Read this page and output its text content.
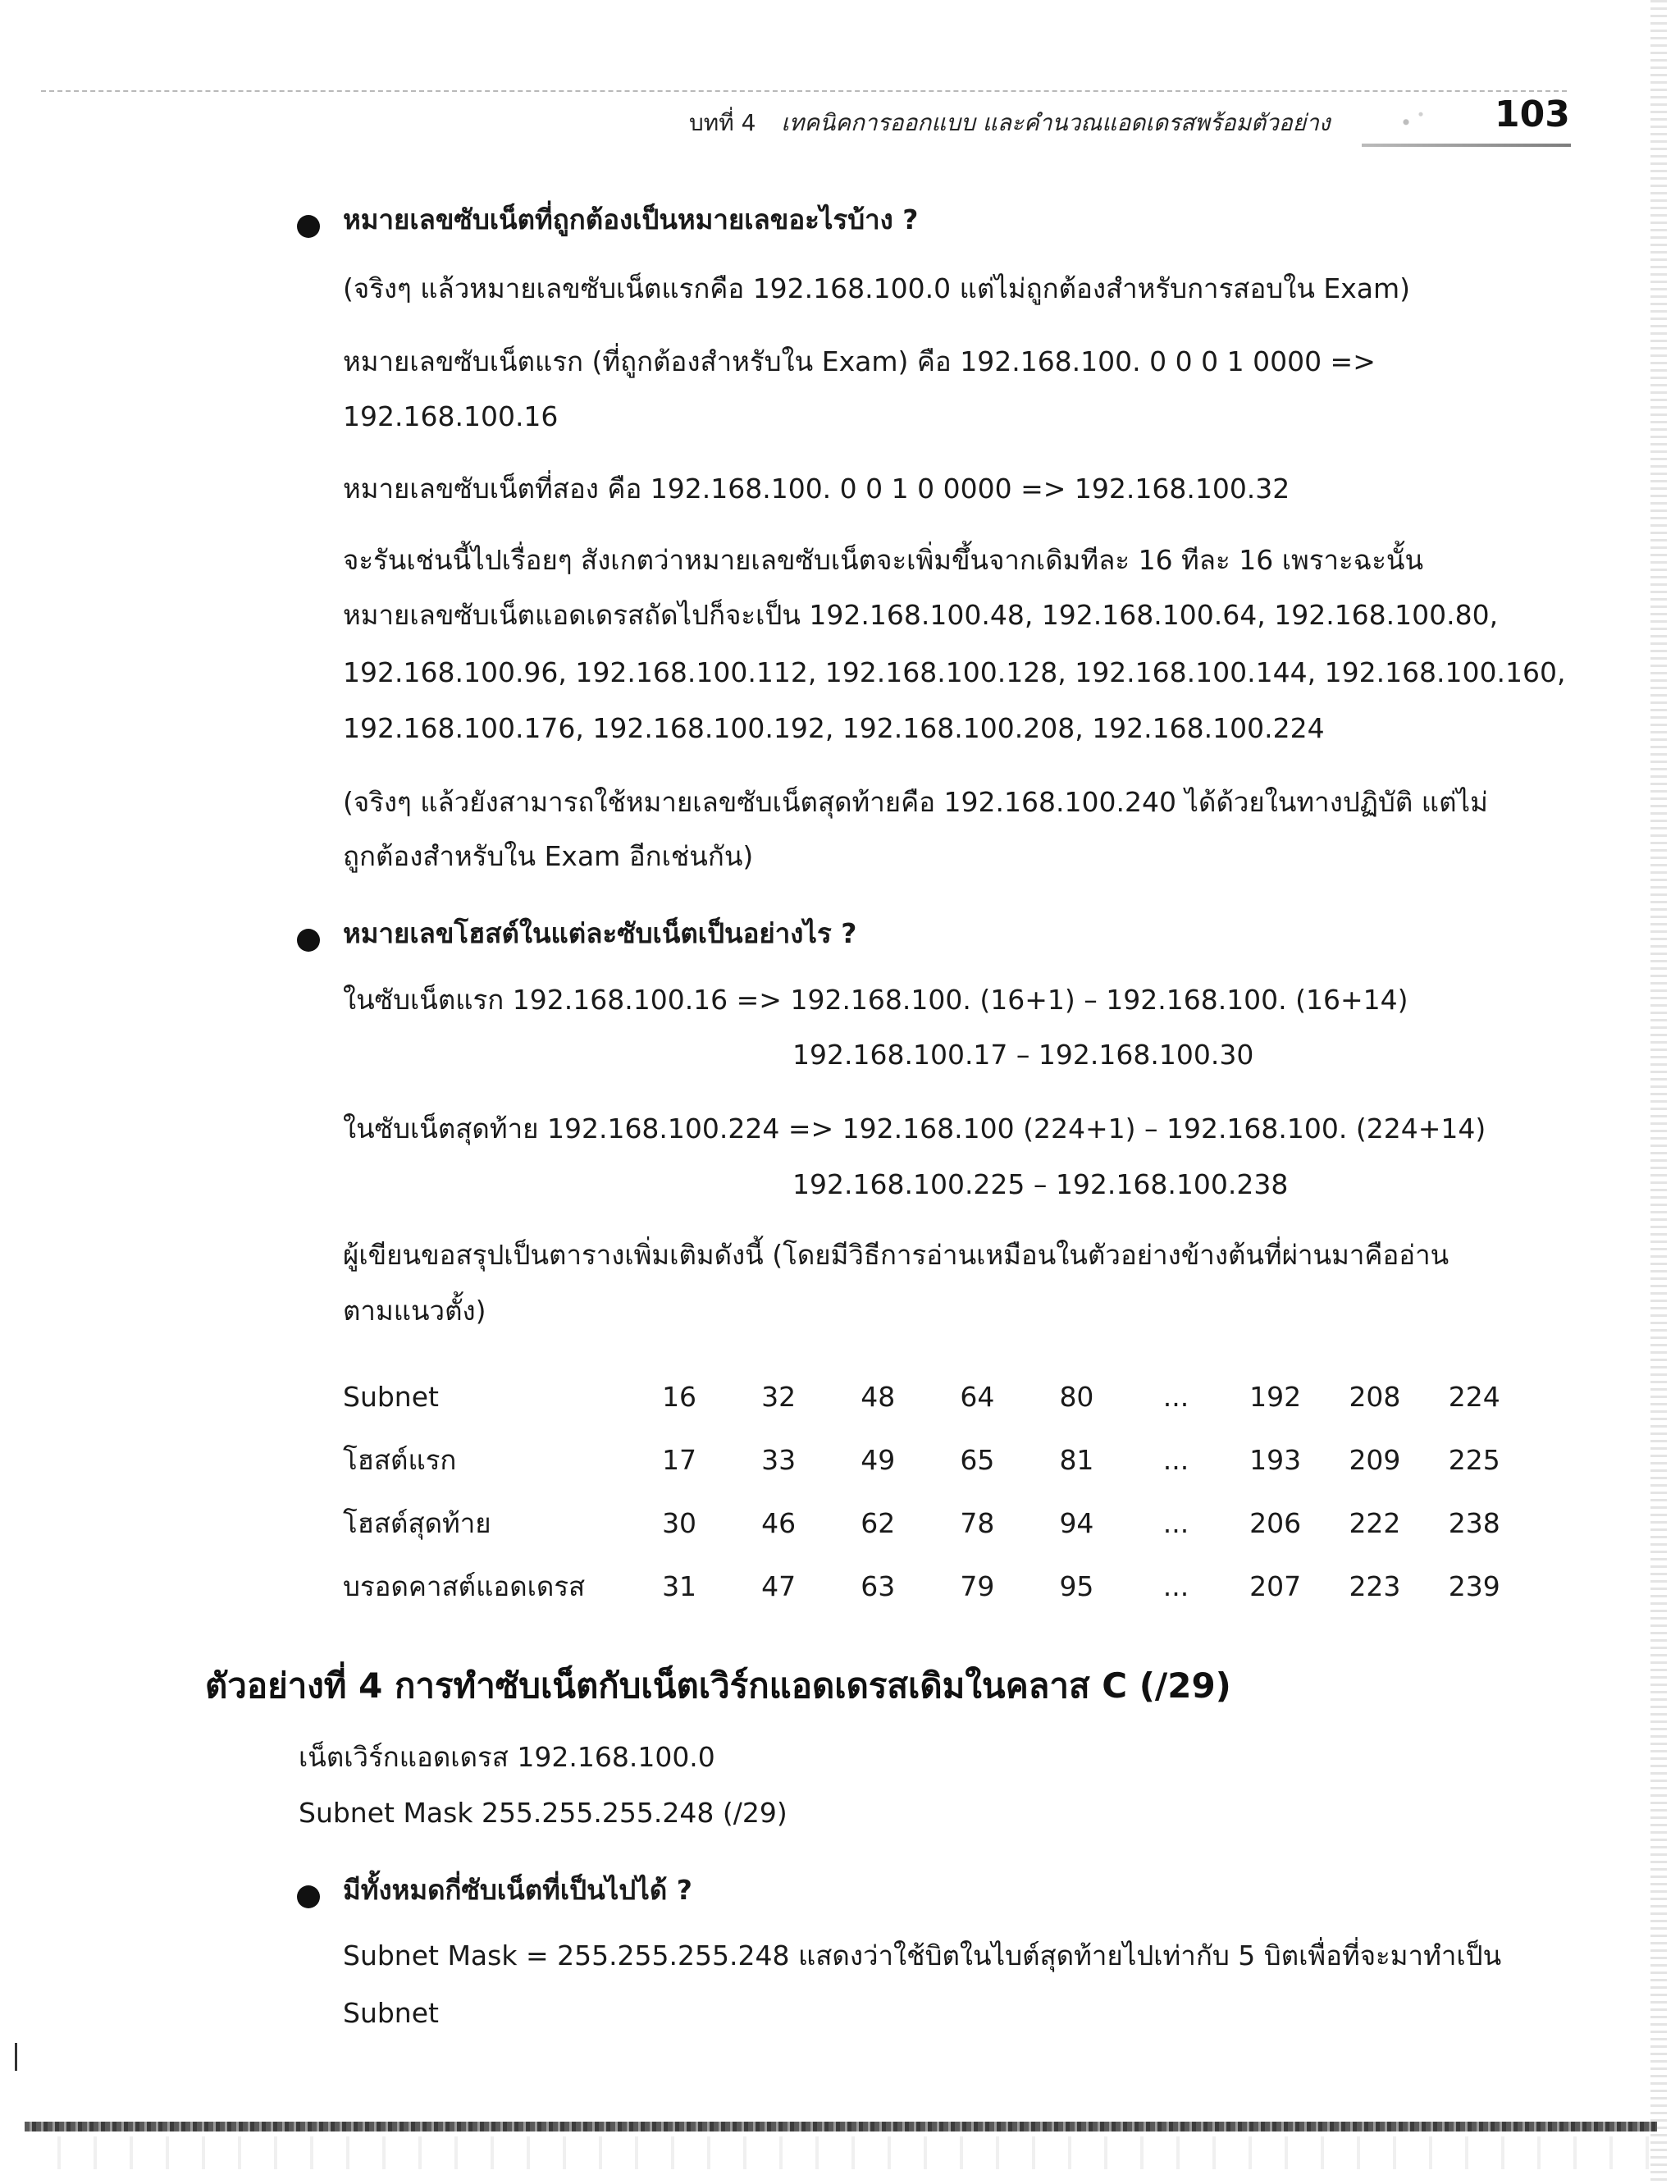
บทที่ 4 เทคนิคการออกแบบ และคำนวณแอดเดรสพร้อมตัวอย่าง	103
หมายเลขซับเน็ตที่ถูกต้องเป็นหมายเลขอะไรบ้าง ?
(จริงๆ แล้วหมายเลขซับเน็ตแรกคือ 192.168.100.0 แต่ไม่ถูกต้องสำหรับการสอบใน Exam)
หมายเลขซับเน็ตแรก (ที่ถูกต้องสำหรับใน Exam) คือ 192.168.100. 0 0 0 1 0000 =>
192.168.100.16
หมายเลขซับเน็ตที่สอง คือ 192.168.100. 0 0 1 0 0000 => 192.168.100.32
จะรันเช่นนี้ไปเรื่อยๆ สังเกตว่าหมายเลขซับเน็ตจะเพิ่มขึ้นจากเดิมทีละ 16 ทีละ 16 เพราะฉะนั้น
หมายเลขซับเน็ตแอดเดรสถัดไปก็จะเป็น 192.168.100.48, 192.168.100.64, 192.168.100.80,
192.168.100.96, 192.168.100.112, 192.168.100.128, 192.168.100.144, 192.168.100.160,
192.168.100.176, 192.168.100.192, 192.168.100.208, 192.168.100.224
(จริงๆ แล้วยังสามารถใช้หมายเลขซับเน็ตสุดท้ายคือ 192.168.100.240 ได้ด้วยในทางปฏิบัติ แต่ไม่
ถูกต้องสำหรับใน Exam อีกเช่นกัน)
หมายเลขโฮสต์ในแต่ละซับเน็ตเป็นอย่างไร ?
ในซับเน็ตแรก 192.168.100.16 => 192.168.100. (16+1) – 192.168.100. (16+14)
192.168.100.17 – 192.168.100.30
ในซับเน็ตสุดท้าย 192.168.100.224 => 192.168.100 (224+1) – 192.168.100. (224+14)
192.168.100.225 – 192.168.100.238
ผู้เขียนขอสรุปเป็นตารางเพิ่มเติมดังนี้ (โดยมีวิธีการอ่านเหมือนในตัวอย่างข้างต้นที่ผ่านมาคืออ่าน
ตามแนวตั้ง)
Subnet	16	32	48	64	80	...	192	208	224
โฮสต์แรก	17	33	49	65	81	...	193	209	225
โฮสต์สุดท้าย	30	46	62	78	94	...	206	222	238
บรอดคาสต์แอดเดรส	31	47	63	79	95	...	207	223	239
ตัวอย่างที่ 4 การทำซับเน็ตกับเน็ตเวิร์กแอดเดรสเดิมในคลาส C (/29)
เน็ตเวิร์กแอดเดรส 192.168.100.0
Subnet Mask 255.255.255.248 (/29)
มีทั้งหมดกี่ซับเน็ตที่เป็นไปได้ ?
Subnet Mask = 255.255.255.248 แสดงว่าใช้บิตในไบต์สุดท้ายไปเท่ากับ 5 บิตเพื่อที่จะมาทำเป็น
Subnet
